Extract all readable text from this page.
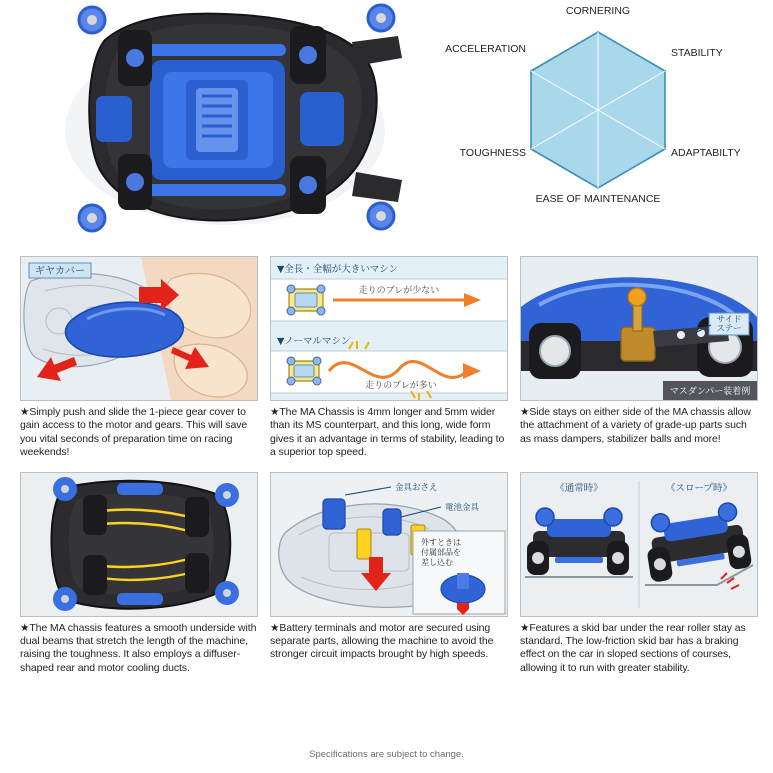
CORNERING
ACCELERATION	STABILITY
TOUGHNESS	ADAPTABILTY
EASE OF MAINTENANCE
ギヤカバー
★Simply push and slide the 1-piece gear cover to gain access to the motor and gears. This will save you vital seconds of preparation time on racing weekends!
▼全長・全幅が大きいマシン
走りのブレが少ない
▼ノーマルマシン
走りのブレが多い
★The MA Chassis is 4mm longer and 5mm wider than its MS counterpart, and this long, wide form gives it an advantage in terms of stability, leading to a superior top speed.
サイド
ステー
マスダンパー装着例
★Side stays on either side of the MA chassis allow the attachment of a variety of grade-up parts such as mass dampers, stabilizer balls and more!
★The MA chassis features a smooth underside with dual beams that stretch the length of the machine, raising the toughness. It also employs a diffuser-shaped rear and motor cooling ducts.
金具おさえ
電池金具
外すときは
付属部品を
差し込む
★Battery terminals and motor are secured using separate parts, allowing the machine to avoid the stronger circuit impacts brought by high speeds.
《通常時》	《スロープ時》
★Features a skid bar under the rear roller stay as standard. The low-friction skid bar has a braking effect on the car in sloped sections of courses, allowing it to run with greater stability.
Specifications are subject to change.
